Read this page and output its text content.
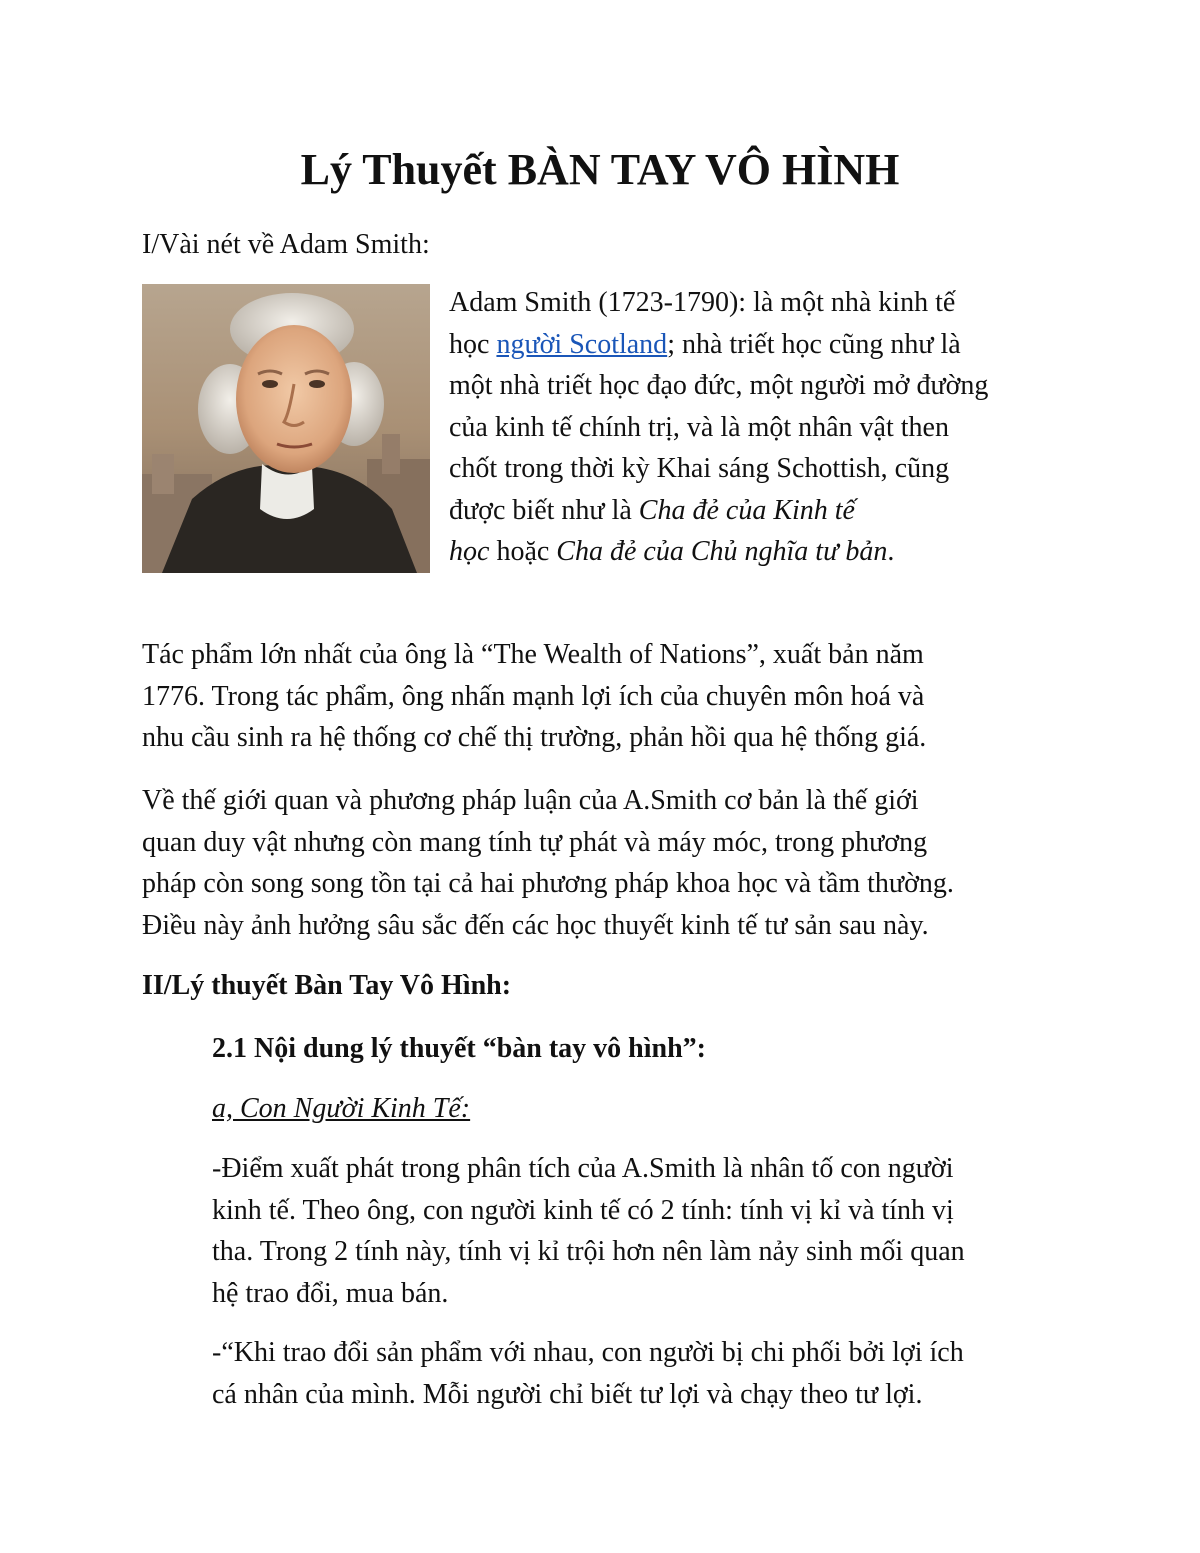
Lý Thuyết BÀN TAY VÔ HÌNH

I/Vài nét về Adam Smith:

Adam Smith (1723-1790): là một nhà kinh tế
học người Scotland; nhà triết học cũng như là
một nhà triết học đạo đức, một người mở đường
của kinh tế chính trị, và là một nhân vật then
chốt trong thời kỳ Khai sáng Schottish, cũng
được biết như là Cha đẻ của Kinh tế
học hoặc Cha đẻ của Chủ nghĩa tư bản.

Tác phẩm lớn nhất của ông là “The Wealth of Nations”, xuất bản năm
1776. Trong tác phẩm, ông nhấn mạnh lợi ích của chuyên môn hoá và
nhu cầu sinh ra hệ thống cơ chế thị trường, phản hồi qua hệ thống giá.

Về thế giới quan và phương pháp luận của A.Smith cơ bản là thế giới
quan duy vật nhưng còn mang tính tự phát và máy móc, trong phương
pháp còn song song tồn tại cả hai phương pháp khoa học và tầm thường.
Điều này ảnh hưởng sâu sắc đến các học thuyết kinh tế tư sản sau này.

II/Lý thuyết Bàn Tay Vô Hình:

2.1 Nội dung lý thuyết “bàn tay vô hình”:

a, Con Người Kinh Tế:

-Điểm xuất phát trong phân tích của A.Smith là nhân tố con người
kinh tế. Theo ông, con người kinh tế có 2 tính: tính vị kỉ và tính vị
tha. Trong 2 tính này, tính vị kỉ trội hơn nên làm nảy sinh mối quan
hệ trao đổi, mua bán.

-“Khi trao đổi sản phẩm với nhau, con người bị chi phối bởi lợi ích
cá nhân của mình. Mỗi người chỉ biết tư lợi và chạy theo tư lợi.
